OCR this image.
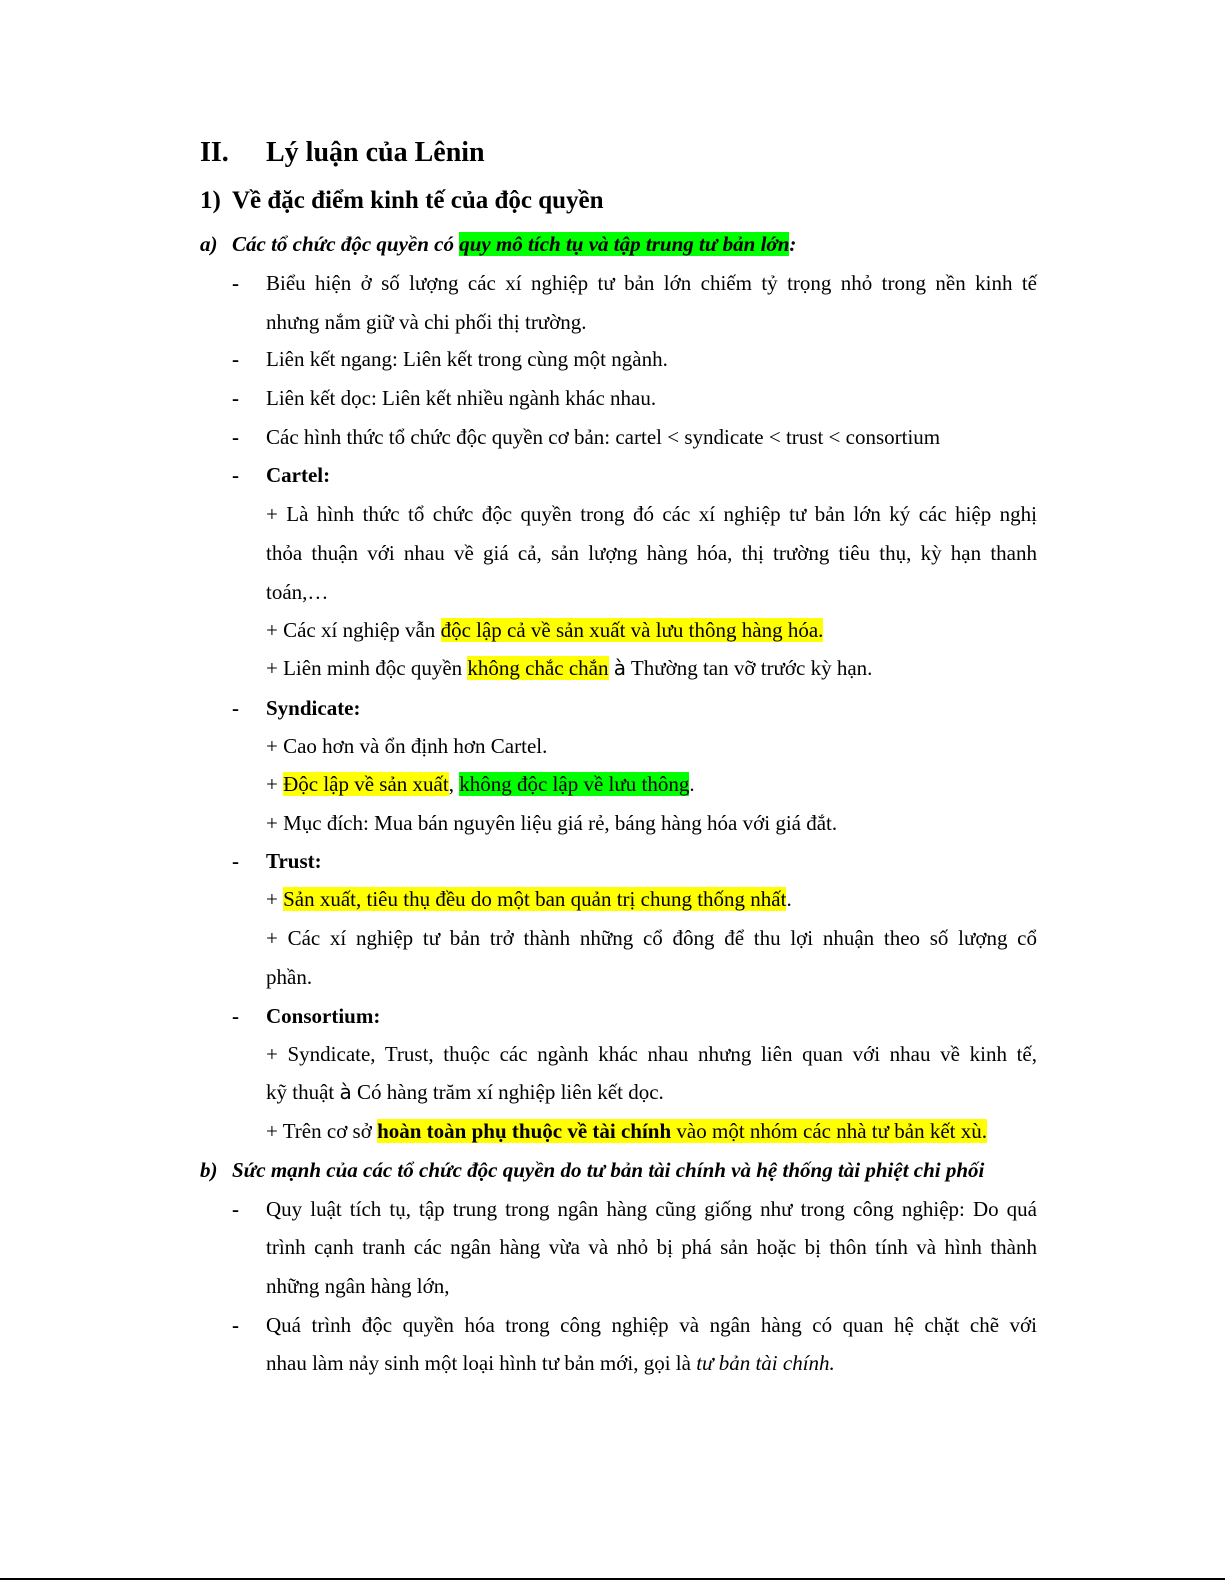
II. Lý luận của Lênin
1) Về đặc điểm kinh tế của độc quyền
a) Các tổ chức độc quyền có quy mô tích tụ và tập trung tư bản lớn:
- Biểu hiện ở số lượng các xí nghiệp tư bản lớn chiếm tỷ trọng nhỏ trong nền kinh tế
nhưng nắm giữ và chi phối thị trường.
- Liên kết ngang: Liên kết trong cùng một ngành.
- Liên kết dọc: Liên kết nhiều ngành khác nhau.
- Các hình thức tổ chức độc quyền cơ bản: cartel < syndicate < trust < consortium
- Cartel:
+ Là hình thức tổ chức độc quyền trong đó các xí nghiệp tư bản lớn ký các hiệp nghị
thỏa thuận với nhau về giá cả, sản lượng hàng hóa, thị trường tiêu thụ, kỳ hạn thanh
toán,…
+ Các xí nghiệp vẫn độc lập cả về sản xuất và lưu thông hàng hóa.
+ Liên minh độc quyền không chắc chắn à Thường tan vỡ trước kỳ hạn.
- Syndicate:
+ Cao hơn và ổn định hơn Cartel.
+ Độc lập về sản xuất, không độc lập về lưu thông.
+ Mục đích: Mua bán nguyên liệu giá rẻ, báng hàng hóa với giá đắt.
- Trust:
+ Sản xuất, tiêu thụ đều do một ban quản trị chung thống nhất.
+ Các xí nghiệp tư bản trở thành những cổ đông để thu lợi nhuận theo số lượng cổ
phần.
- Consortium:
+ Syndicate, Trust, thuộc các ngành khác nhau nhưng liên quan với nhau về kinh tế,
kỹ thuật à Có hàng trăm xí nghiệp liên kết dọc.
+ Trên cơ sở hoàn toàn phụ thuộc về tài chính vào một nhóm các nhà tư bản kết xù.
b) Sức mạnh của các tổ chức độc quyền do tư bản tài chính và hệ thống tài phiệt chi phối
- Quy luật tích tụ, tập trung trong ngân hàng cũng giống như trong công nghiệp: Do quá
trình cạnh tranh các ngân hàng vừa và nhỏ bị phá sản hoặc bị thôn tính và hình thành
những ngân hàng lớn,
- Quá trình độc quyền hóa trong công nghiệp và ngân hàng có quan hệ chặt chẽ với
nhau làm nảy sinh một loại hình tư bản mới, gọi là tư bản tài chính.
